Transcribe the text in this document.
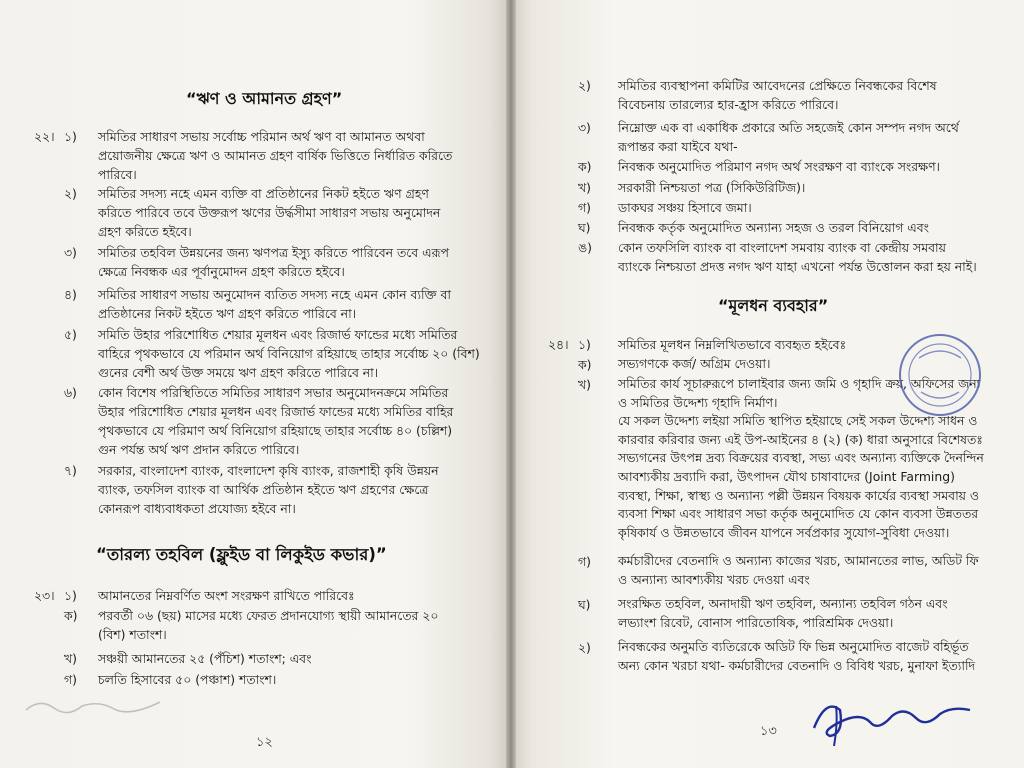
“ঋণ ও আমানত গ্রহণ”
২২। ১) সমিতির সাধারণ সভায় সর্বোচ্চ পরিমান অর্থ ঋণ বা আমানত অথবা
প্রয়োজনীয় ক্ষেত্রে ঋণ ও আমানত গ্রহণ বার্ষিক ভিত্তিতে নির্ধারিত করিতে
পারিবে।
২) সমিতির সদস্য নহে এমন ব্যক্তি বা প্রতিষ্ঠানের নিকট হইতে ঋণ গ্রহণ
করিতে পারিবে তবে উক্তরূপ ঋণের উর্দ্ধসীমা সাধারণ সভায় অনুমোদন
গ্রহণ করিতে হইবে।
৩) সমিতির তহবিল উন্নয়নের জন্য ঋণপত্র ইস্যু করিতে পারিবেন তবে এরূপ
ক্ষেত্রে নিবন্ধক এর পূর্বানুমোদন গ্রহণ করিতে হইবে।
৪) সমিতির সাধারণ সভায় অনুমোদন ব্যতিত সদস্য নহে এমন কোন ব্যক্তি বা
প্রতিষ্ঠানের নিকট হইতে ঋণ গ্রহণ করিতে পারিবে না।
৫) সমিতি উহার পরিশোধিত শেয়ার মূলধন এবং রিজার্ভ ফান্ডের মধ্যে সমিতির
বাহিরে পৃথকভাবে যে পরিমান অর্থ বিনিয়োগ রহিয়াছে তাহার সর্বোচ্চ ২০ (বিশ)
গুনের বেশী অর্থ উক্ত সময়ে ঋণ গ্রহণ করিতে পারিবে না।
৬) কোন বিশেষ পরিস্থিতিতে সমিতির সাধারণ সভার অনুমোদনক্রমে সমিতির
উহার পরিশোধিত শেয়ার মূলধন এবং রিজার্ভ ফান্ডের মধ্যে সমিতির বাহির
পৃথকভাবে যে পরিমাণ অর্থ বিনিয়োগ রহিয়াছে তাহার সর্বোচ্চ ৪০ (চল্লিশ)
গুন পর্যন্ত অর্থ ঋণ প্রদান করিতে পারিবে।
৭) সরকার, বাংলাদেশ ব্যাংক, বাংলাদেশ কৃষি ব্যাংক, রাজশাহী কৃষি উন্নয়ন
ব্যাংক, তফসিল ব্যাংক বা আর্থিক প্রতিষ্ঠান হইতে ঋণ গ্রহণের ক্ষেত্রে
কোনরূপ বাধ্যবাধকতা প্রযোজ্য হইবে না।
“তারল্য তহবিল (ফ্লুইড বা লিকুইড কভার)”
২৩। ১) আমানতের নিম্নবর্ণিত অংশ সংরক্ষণ রাখিতে পারিবেঃ
ক) পরবর্তী ০৬ (ছয়) মাসের মধ্যে ফেরত প্রদানযোগ্য স্থায়ী আমানতের ২০
(বিশ) শতাংশ।
খ) সঞ্চয়ী আমানতের ২৫ (পঁচিশ) শতাংশ; এবং
গ) চলতি হিসাবের ৫০ (পঞ্চাশ) শতাংশ।
১২
২) সমিতির ব্যবস্থাপনা কমিটির আবেদনের প্রেক্ষিতে নিবন্ধকের বিশেষ
বিবেচনায় তারল্যের হার-হ্রাস করিতে পারিবে।
৩) নিম্নোক্ত এক বা একাধিক প্রকারে অতি সহজেই কোন সম্পদ নগদ অর্থে
রূপান্তর করা যাইবে যথা-
ক) নিবন্ধক অনুমোদিত পরিমাণ নগদ অর্থ সংরক্ষণ বা ব্যাংকে সংরক্ষণ।
খ) সরকারী নিশ্চয়তা পত্র (সিকিউরিটিজ)।
গ) ডাকঘর সঞ্চয় হিসাবে জমা।
ঘ) নিবন্ধক কর্তৃক অনুমোদিত অন্যান্য সহজ ও তরল বিনিয়োগ এবং
ঙ) কোন তফসিলি ব্যাংক বা বাংলাদেশ সমবায় ব্যাংক বা কেন্দ্রীয় সমবায়
ব্যাংকে নিশ্চয়তা প্রদত্ত নগদ ঋণ যাহা এখনো পর্যন্ত উত্তোলন করা হয় নাই।
“মূলধন ব্যবহার”
২৪। ১) সমিতির মূলধন নিম্নলিখিতভাবে ব্যবহৃত হইবেঃ
ক) সভ্যগণকে কর্জ/ অগ্রিম দেওয়া।
খ) সমিতির কার্য সূচারুরূপে চালাইবার জন্য জমি ও গৃহাদি ক্রয়, অফিসের জন্য
ও সমিতির উদ্দেশ্য গৃহাদি নির্মাণ।
যে সকল উদ্দেশ্য লইয়া সমিতি স্থাপিত হইয়াছে সেই সকল উদ্দেশ্য সাধন ও
কারবার করিবার জন্য এই উপ-আইনের ৪ (২) (ক) ধারা অনুসারে বিশেষতঃ
সভ্যগনের উৎপন্ন দ্রব্য বিক্রয়ের ব্যবস্থা, সভ্য এবং অন্যান্য ব্যক্তিকে দৈনন্দিন
আবশ্যকীয় দ্রব্যাদি করা, উৎপাদন যৌথ চাষাবাদের (Joint Farming)
ব্যবস্থা, শিক্ষা, স্বাস্থ্য ও অন্যান্য পল্লী উন্নয়ন বিষয়ক কার্যের ব্যবস্থা সমবায় ও
ব্যবসা শিক্ষা এবং সাধারণ সভা কর্তৃক অনুমোদিত যে কোন ব্যবসা উন্নততর
কৃষিকার্য ও উন্নতভাবে জীবন যাপনে সর্বপ্রকার সুযোগ-সুবিধা দেওয়া।
গ) কর্মচারীদের বেতনাদি ও অন্যান্য কাজের খরচ, আমানতের লাভ, অডিট ফি
ও অন্যান্য আবশ্যকীয় খরচ দেওয়া এবং
ঘ) সংরক্ষিত তহবিল, অনাদায়ী ঋণ তহবিল, অন্যান্য তহবিল গঠন এবং
লভ্যাংশ রিবেট, বোনাস পারিতোষিক, পারিশ্রমিক দেওয়া।
২) নিবন্ধকের অনুমতি ব্যতিরেকে অডিট ফি ভিন্ন অনুমোদিত বাজেট বহির্ভূত
অন্য কোন খরচা যথা- কর্মচারীদের বেতনাদি ও বিবিধ খরচ, মুনাফা ইত্যাদি
১৩
